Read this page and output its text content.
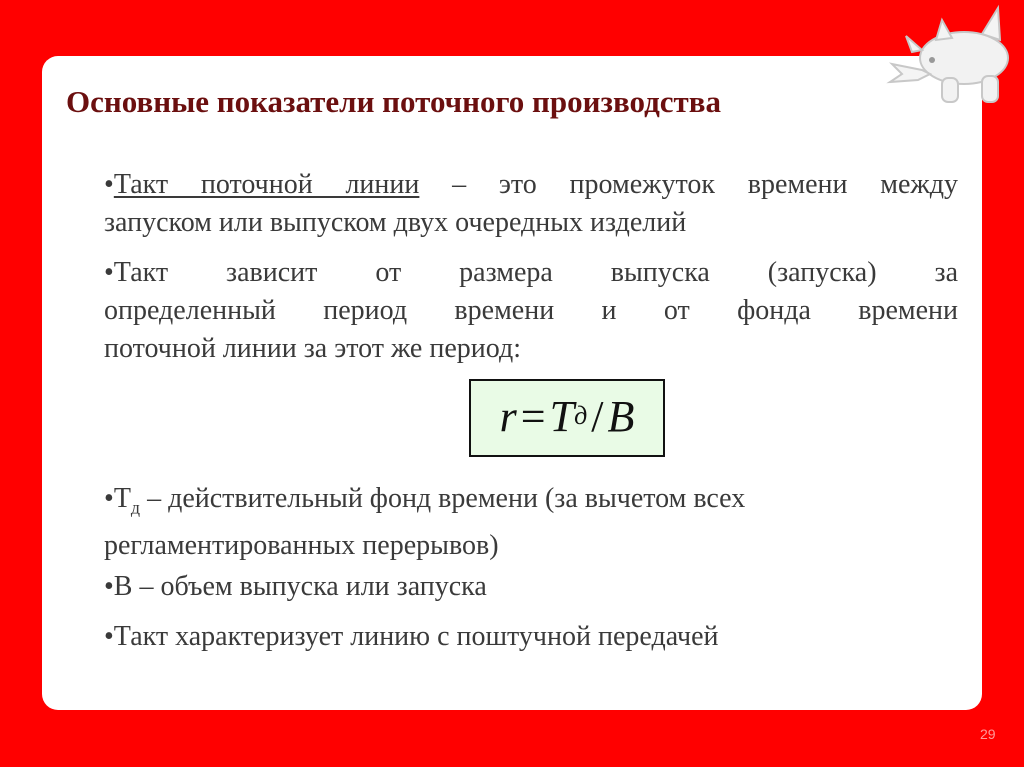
Основные показатели поточного производства
•Такт поточной линии – это промежуток времени между
запуском или выпуском двух очередных изделий
•Такт зависит от размера выпуска (запуска) за
определенный период времени и от фонда времени
поточной линии за этот же период:
r = T д / B
$•Т_д$ – действительный фонд времени (за вычетом всех
регламентированных перерывов)
•В – объем выпуска или запуска
•Такт характеризует линию с поштучной передачей
29
